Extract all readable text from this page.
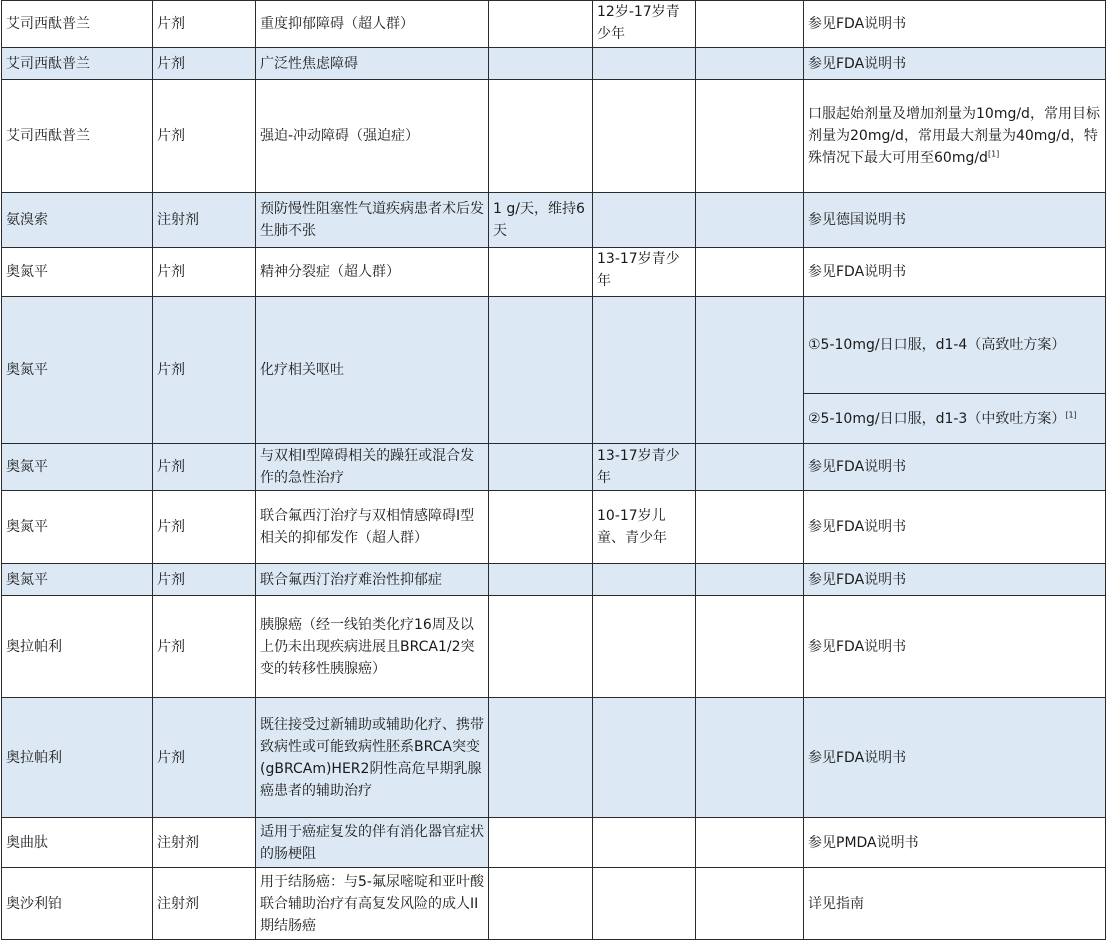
艾司西酞普兰	片剂	重度抑郁障碍（超人群）		12岁-17岁青少年		参见FDA说明书
艾司西酞普兰	片剂	广泛性焦虑障碍				参见FDA说明书
艾司西酞普兰	片剂	强迫-冲动障碍（强迫症）				口服起始剂量及增加剂量为10mg/d，常用目标剂量为20mg/d，常用最大剂量为40mg/d，特殊情况下最大可用至60mg/d[1]
氨溴索	注射剂	预防慢性阻塞性气道疾病患者术后发生肺不张	1 g/天，维持6天			参见德国说明书
奥氮平	片剂	精神分裂症（超人群）		13-17岁青少年		参见FDA说明书
奥氮平	片剂	化疗相关呕吐				①5-10mg/日口服，d1-4（高致吐方案）
						②5-10mg/日口服，d1-3（中致吐方案）[1]
奥氮平	片剂	与双相I型障碍相关的躁狂或混合发作的急性治疗		13-17岁青少年		参见FDA说明书
奥氮平	片剂	联合氟西汀治疗与双相情感障碍I型相关的抑郁发作（超人群）		10-17岁儿童、青少年		参见FDA说明书
奥氮平	片剂	联合氟西汀治疗难治性抑郁症				参见FDA说明书
奥拉帕利	片剂	胰腺癌（经一线铂类化疗16周及以上仍未出现疾病进展且BRCA1/2突变的转移性胰腺癌）				参见FDA说明书
奥拉帕利	片剂	既往接受过新辅助或辅助化疗、携带致病性或可能致病性胚系BRCA突变(gBRCAm)HER2阴性高危早期乳腺癌患者的辅助治疗				参见FDA说明书
奥曲肽	注射剂	适用于癌症复发的伴有消化器官症状的肠梗阻				参见PMDA说明书
奥沙利铂	注射剂	用于结肠癌：与5-氟尿嘧啶和亚叶酸联合辅助治疗有高复发风险的成人II期结肠癌				详见指南
